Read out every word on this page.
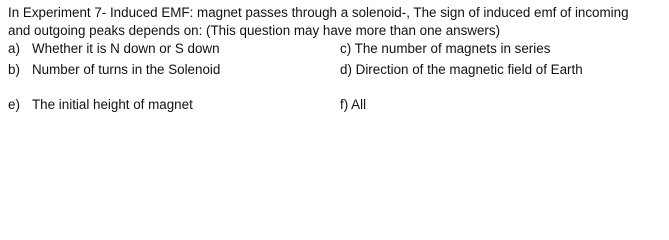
In Experiment 7- Induced EMF: magnet passes through a solenoid-, The sign of induced emf of incoming
and outgoing peaks depends on: (This question may have more than one answers)
a) Whether it is N down or S down	c) The number of magnets in series
b) Number of turns in the Solenoid	d) Direction of the magnetic field of Earth
e) The initial height of magnet	f) All
